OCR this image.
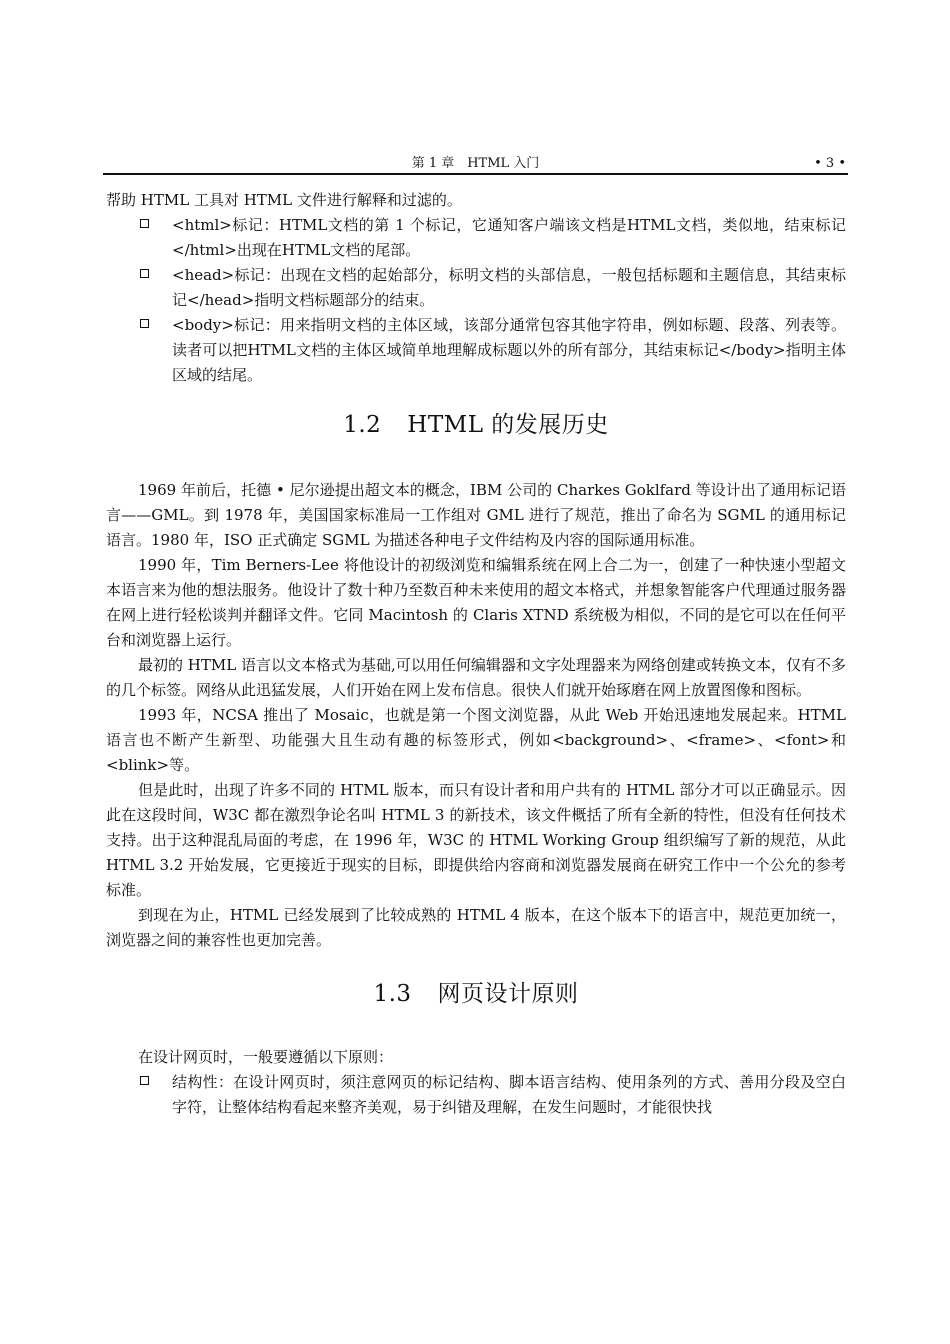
第 1 章　HTML 入门	• 3 •

帮助 HTML 工具对 HTML 文件进行解释和过滤的。

<html>标记：HTML文档的第 1 个标记，它通知客户端该文档是HTML文档，类似地，结束标记</html>出现在HTML文档的尾部。
<head>标记：出现在文档的起始部分，标明文档的头部信息，一般包括标题和主题信息，其结束标记</head>指明文档标题部分的结束。
<body>标记：用来指明文档的主体区域，该部分通常包容其他字符串，例如标题、段落、列表等。读者可以把HTML文档的主体区域简单地理解成标题以外的所有部分，其结束标记</body>指明主体区域的结尾。
1.2 HTML 的发展历史

1969 年前后，托德 • 尼尔逊提出超文本的概念，IBM 公司的 Charkes Goklfard 等设计出了通用标记语言——GML。到 1978 年，美国国家标准局一工作组对 GML 进行了规范，推出了命名为 SGML 的通用标记语言。1980 年，ISO 正式确定 SGML 为描述各种电子文件结构及内容的国际通用标准。

1990 年，Tim Berners-Lee 将他设计的初级浏览和编辑系统在网上合二为一，创建了一种快速小型超文本语言来为他的想法服务。他设计了数十种乃至数百种未来使用的超文本格式，并想象智能客户代理通过服务器在网上进行轻松谈判并翻译文件。它同 Macintosh 的 Claris XTND 系统极为相似，不同的是它可以在任何平台和浏览器上运行。

最初的 HTML 语言以文本格式为基础,可以用任何编辑器和文字处理器来为网络创建或转换文本，仅有不多的几个标签。网络从此迅猛发展，人们开始在网上发布信息。很快人们就开始琢磨在网上放置图像和图标。

1993 年，NCSA 推出了 Mosaic，也就是第一个图文浏览器，从此 Web 开始迅速地发展起来。HTML 语言也不断产生新型、功能强大且生动有趣的标签形式，例如<background>、<frame>、<font>和<blink>等。

但是此时，出现了许多不同的 HTML 版本，而只有设计者和用户共有的 HTML 部分才可以正确显示。因此在这段时间，W3C 都在激烈争论名叫 HTML 3 的新技术，该文件概括了所有全新的特性，但没有任何技术支持。出于这种混乱局面的考虑，在 1996 年，W3C 的 HTML Working Group 组织编写了新的规范，从此 HTML 3.2 开始发展，它更接近于现实的目标，即提供给内容商和浏览器发展商在研究工作中一个公允的参考标准。

到现在为止，HTML 已经发展到了比较成熟的 HTML 4 版本，在这个版本下的语言中，规范更加统一，浏览器之间的兼容性也更加完善。

1.3 网页设计原则

在设计网页时，一般要遵循以下原则：

结构性：在设计网页时，须注意网页的标记结构、脚本语言结构、使用条列的方式、善用分段及空白字符，让整体结构看起来整齐美观，易于纠错及理解，在发生问题时，才能很快找
